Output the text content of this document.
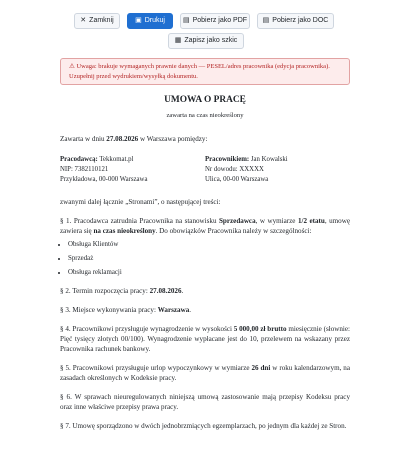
✕ Zamknij	▣ Drukuj	▤ Pobierz jako PDF ▤ Pobierz jako DOC
▦ Zapisz jako szkic
⚠ Uwaga: brakuje wymaganych prawnie danych — PESEL/adres pracownika (edycja pracownika).
Uzupełnij przed wydrukiem/wysyłką dokumentu.
UMOWA O PRACĘ
zawarta na czas nieokreślony

Zawarta w dniu 27.08.2026 w Warszawa pomiędzy:

Pracodawcą: Tekkomat.pl
NIP: 7382110121
Przykładowa, 00-000 Warszawa
Pracownikiem: Jan Kowalski
Nr dowodu: XXXXX
Ulica, 00-00 Warszawa

zwanymi dalej łącznie „Stronami”, o następującej treści:

§ 1. Pracodawca zatrudnia Pracownika na stanowisku Sprzedawca, w wymiarze 1/2 etatu, umowę zawiera się na czas nieokreślony. Do obowiązków Pracownika należy w szczególności:

• Obsługa Klientów
• Sprzedaż
• Obsługa reklamacji

§ 2. Termin rozpoczęcia pracy: 27.08.2026.

§ 3. Miejsce wykonywania pracy: Warszawa.

§ 4. Pracownikowi przysługuje wynagrodzenie w wysokości 5 000,00 zł brutto miesięcznie (słownie: Pięć tysięcy złotych 00/100). Wynagrodzenie wypłacane jest do 10, przelewem na wskazany przez Pracownika rachunek bankowy.

§ 5. Pracownikowi przysługuje urlop wypoczynkowy w wymiarze 26 dni w roku kalendarzowym, na zasadach określonych w Kodeksie pracy.

§ 6. W sprawach nieuregulowanych niniejszą umową zastosowanie mają przepisy Kodeksu pracy oraz inne właściwe przepisy prawa pracy.

§ 7. Umowę sporządzono w dwóch jednobrzmiących egzemplarzach, po jednym dla każdej ze Stron.
